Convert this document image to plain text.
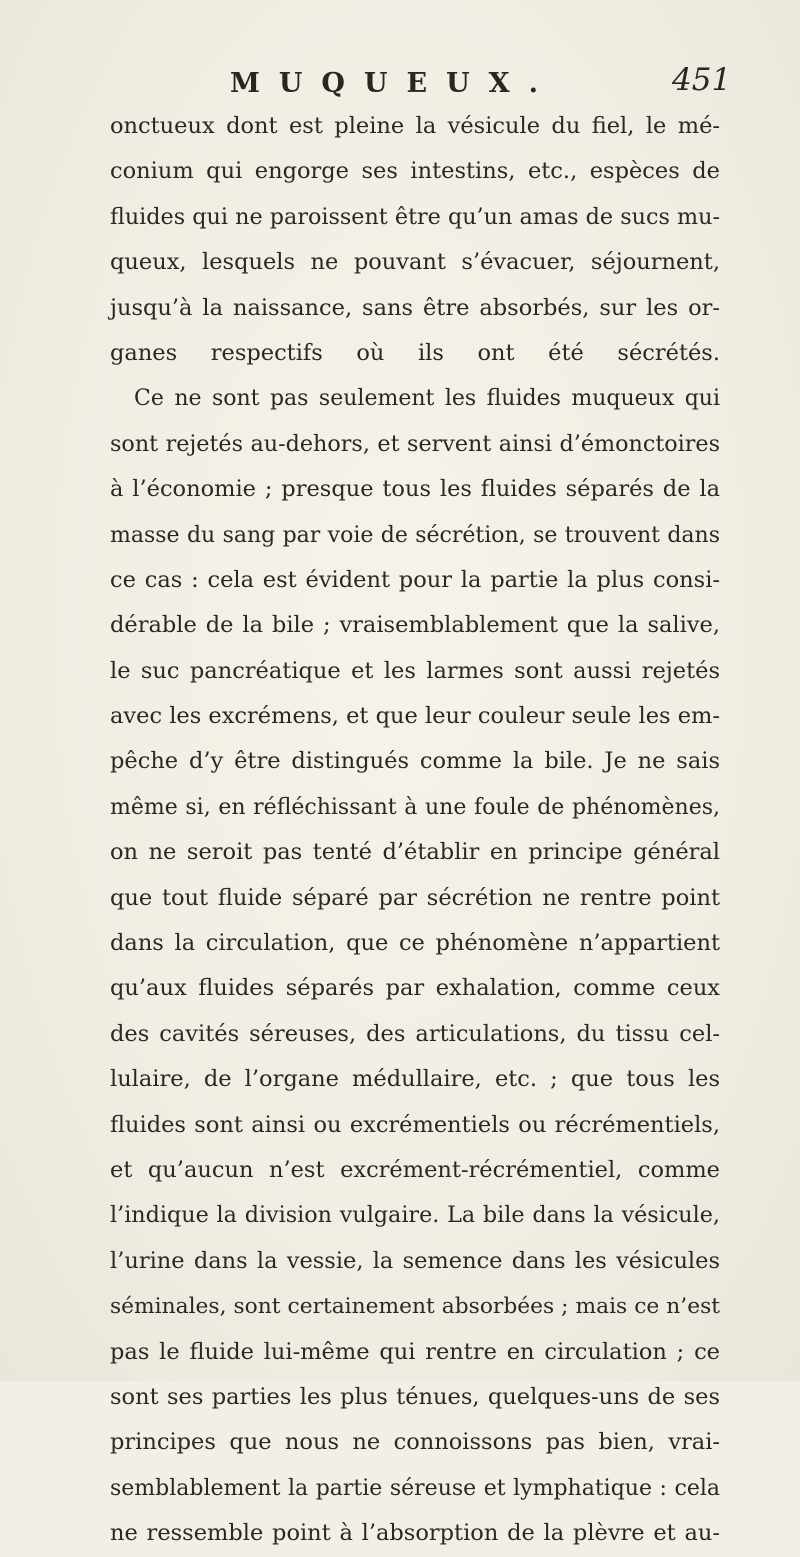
MUQUEUX.	451
onctueux dont est pleine la vésicule du fiel, le mé-
conium qui engorge ses intestins, etc., espèces de
fluides qui ne paroissent être qu’un amas de sucs mu-
queux, lesquels ne pouvant s’évacuer, séjournent,
jusqu’à la naissance, sans être absorbés, sur les or-
ganes respectifs où ils ont été sécrétés.
Ce ne sont pas seulement les fluides muqueux qui
sont rejetés au-dehors, et servent ainsi d’émonctoires
à l’économie ; presque tous les fluides séparés de la
masse du sang par voie de sécrétion, se trouvent dans
ce cas : cela est évident pour la partie la plus consi-
dérable de la bile ; vraisemblablement que la salive,
le suc pancréatique et les larmes sont aussi rejetés
avec les excrémens, et que leur couleur seule les em-
pêche d’y être distingués comme la bile. Je ne sais
même si, en réfléchissant à une foule de phénomènes,
on ne seroit pas tenté d’établir en principe général
que tout fluide séparé par sécrétion ne rentre point
dans la circulation, que ce phénomène n’appartient
qu’aux fluides séparés par exhalation, comme ceux
des cavités séreuses, des articulations, du tissu cel-
lulaire, de l’organe médullaire, etc. ; que tous les
fluides sont ainsi ou excrémentiels ou récrémentiels,
et qu’aucun n’est excrément-récrémentiel, comme
l’indique la division vulgaire. La bile dans la vésicule,
l’urine dans la vessie, la semence dans les vésicules
séminales, sont certainement absorbées ; mais ce n’est
pas le fluide lui-même qui rentre en circulation ; ce
sont ses parties les plus ténues, quelques-uns de ses
principes que nous ne connoissons pas bien, vrai-
semblablement la partie séreuse et lymphatique : cela
ne ressemble point à l’absorption de la plèvre et au-
